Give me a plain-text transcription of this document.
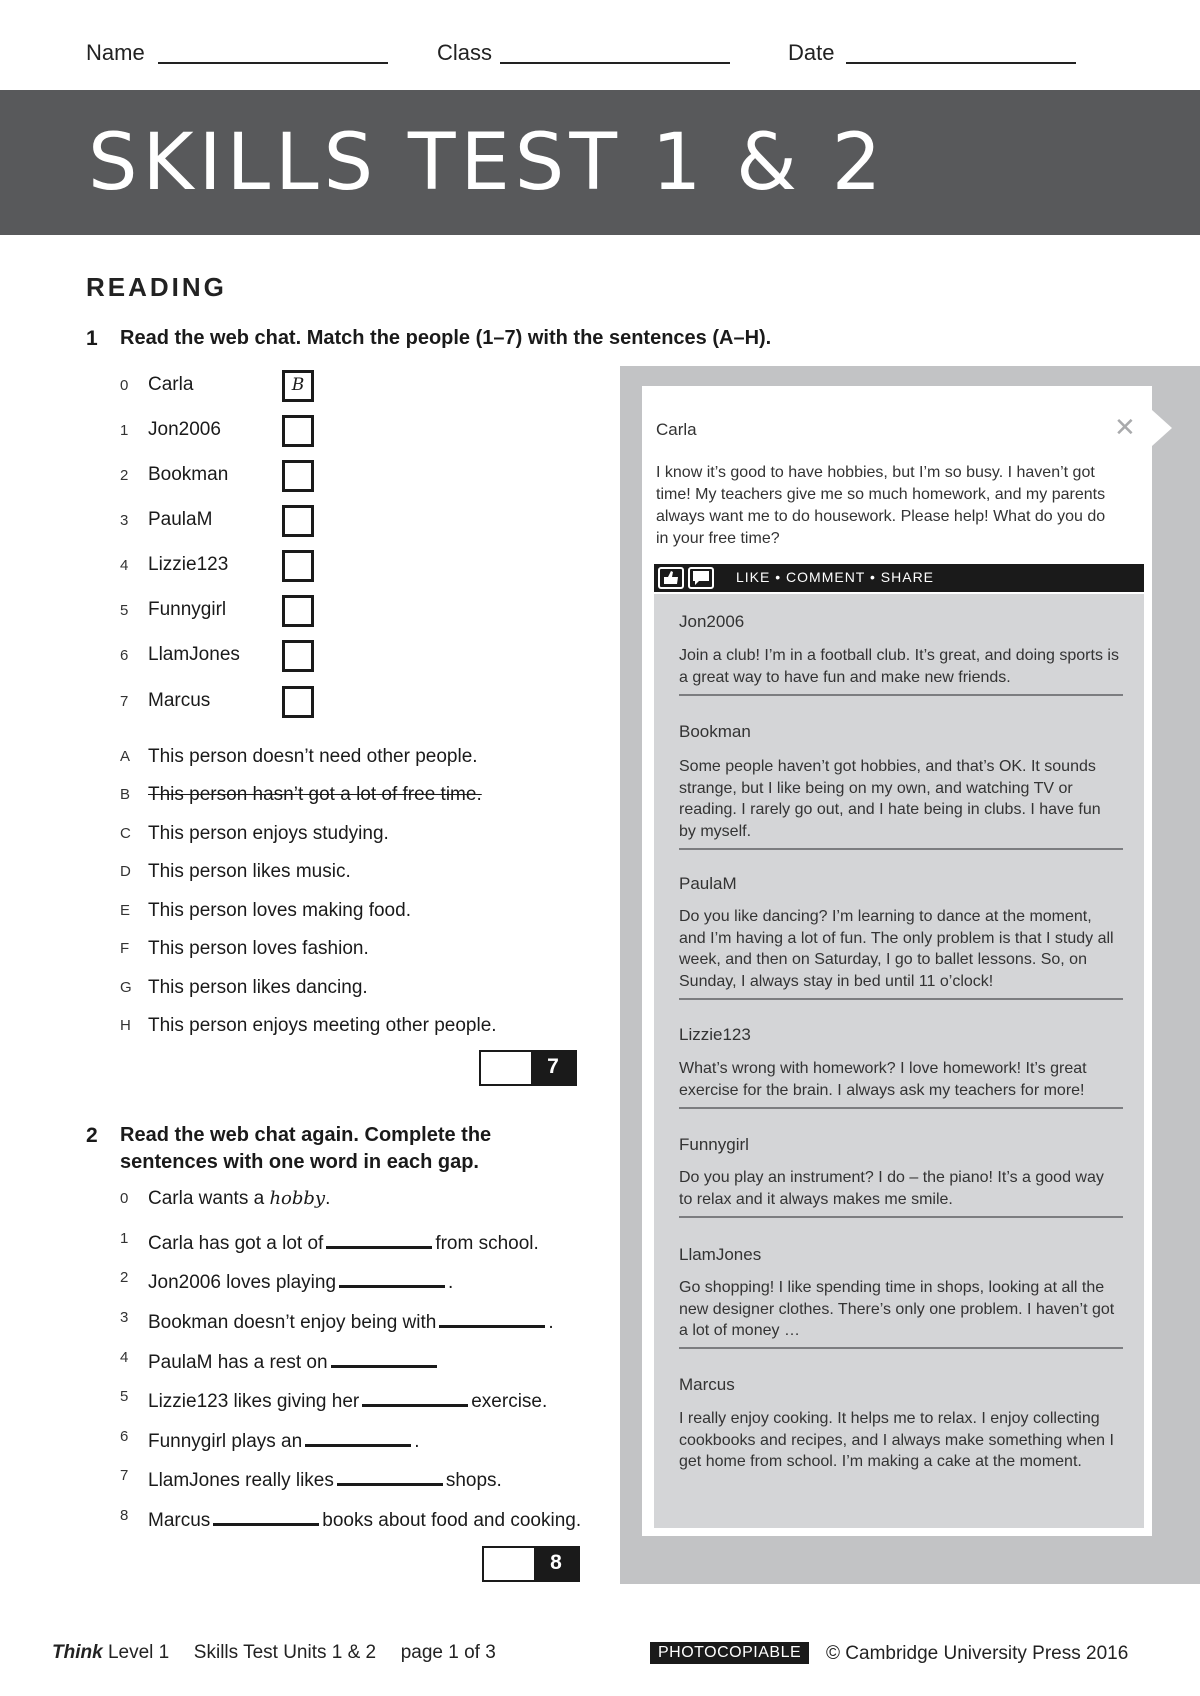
Name	Class	Date
SKILLS TEST 1 & 2
READING
1 Read the web chat. Match the people (1–7) with the sentences (A–H).
0 Carla	B
1 Jon2006
2 Bookman
3 PaulaM
4 Lizzie123
5 Funnygirl
6 LlamJones
7 Marcus
A This person doesn’t need other people.
B This person hasn’t got a lot of free time.
C This person enjoys studying.
D This person likes music.
E This person loves making food.
F This person loves fashion.
G This person likes dancing.
H This person enjoys meeting other people.
7
2 Read the web chat again. Complete the
sentences with one word in each gap.
0 Carla wants a hobby.
1 Carla has got a lot of	from school.
2 Jon2006 loves playing	.
3 Bookman doesn’t enjoy being with	.
4 PaulaM has a rest on
5 Lizzie123 likes giving her	exercise.
6 Funnygirl plays an	.
7 LlamJones really likes	shops.
8 Marcus	books about food and cooking.
8
✕
Carla
I know it’s good to have hobbies, but I’m so busy. I haven’t got time! My teachers give me so much homework, and my parents always want me to do housework. Please help! What do you do in your free time?
LIKE • COMMENT • SHARE
Jon2006
Join a club! I’m in a football club. It’s great, and doing sports is a great way to have fun and make new friends.
Bookman
Some people haven’t got hobbies, and that’s OK. It sounds strange, but I like being on my own, and watching TV or reading. I rarely go out, and I hate being in clubs. I have fun by myself.
PaulaM
Do you like dancing? I’m learning to dance at the moment, and I’m having a lot of fun. The only problem is that I study all week, and then on Saturday, I go to ballet lessons. So, on Sunday, I always stay in bed until 11 o’clock!
Lizzie123
What’s wrong with homework? I love homework! It’s great exercise for the brain. I always ask my teachers for more!
Funnygirl
Do you play an instrument? I do – the piano! It’s a good way to relax and it always makes me smile.
LlamJones
Go shopping! I like spending time in shops, looking at all the new designer clothes. There’s only one problem. I haven’t got a lot of money …
Marcus
I really enjoy cooking. It helps me to relax. I enjoy collecting cookbooks and recipes, and I always make something when I get home from school. I’m making a cake at the moment.
Think Level 1 Skills Test Units 1 & 2 page 1 of 3	PHOTOCOPIABLE	© Cambridge University Press 2016
